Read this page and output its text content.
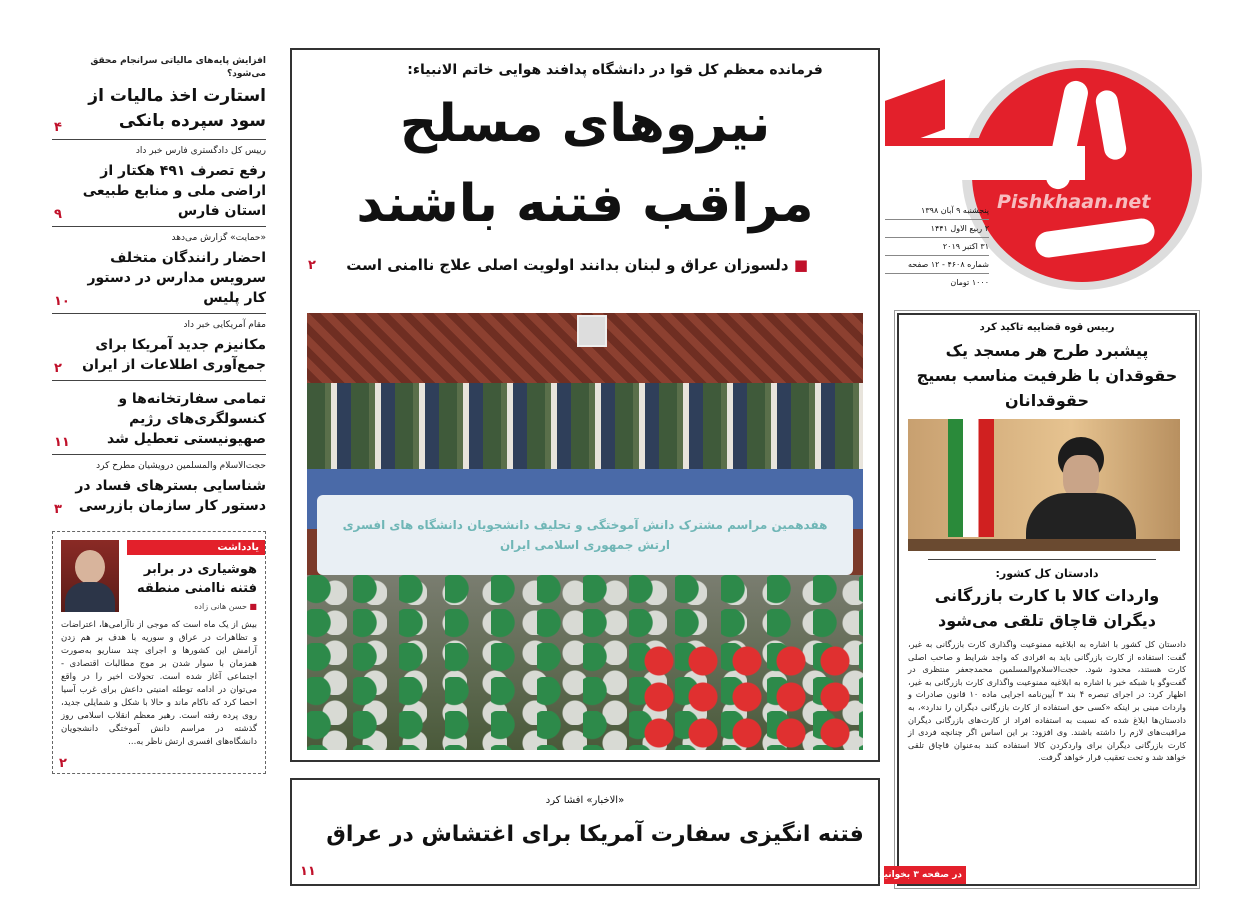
افزایش پایه‌های مالیاتی سرانجام محقق می‌شود؟
استارت اخذ مالیات از سود سپرده بانکی
۴
رییس کل دادگستری فارس خبر داد
رفع تصرف ۴۹۱ هکتار از اراضی ملی و منابع طبیعی استان فارس
۹
«حمایت» گزارش می‌دهد
احضار رانندگان متخلف سرویس مدارس در دستور کار پلیس
۱۰
مقام آمریکایی خبر داد
مکانیزم جدید آمریکا برای جمع‌آوری اطلاعات از ایران
۲
تمامی سفارتخانه‌ها و کنسولگری‌های رژیم صهیونیستی تعطیل شد
۱۱
حجت‌الاسلام والمسلمین درویشیان مطرح کرد
شناسایی بسترهای فساد در دستور کار سازمان بازرسی
۳
یادداشت
هوشیاری در برابر فتنه ناامنی منطقه
■ حسن هانی زاده
بیش از یک ماه است که موجی از ناآرامی‌ها، اعتراضات و تظاهرات در عراق و سوریه با هدف بر هم زدن آرامش این کشورها و اجرای چند سناریو به‌صورت همزمان با سوار شدن بر موج مطالبات اقتصادی - اجتماعی آغاز شده است. تحولات اخیر را در واقع می‌توان در ادامه توطئه امنیتی داعش برای غرب آسیا احصا کرد که ناکام ماند و حالا با شکل و شمایلی جدید، روی پرده رفته است. رهبر معظم انقلاب اسلامی روز گذشته در مراسم دانش آموختگی دانشجویان دانشگاه‌های افسری ارتش ناظر به...
۲
فرمانده معظم کل قوا در دانشگاه پدافند هوایی خاتم الانبیاء:
نیروهای مسلح
مراقب فتنه باشند
■ دلسوزان عراق و لبنان بدانند اولویت اصلی علاج ناامنی است
۲
هفدهمین مراسم مشترک دانش آموختگی و تحلیف دانشجویان دانشگاه های افسری
ارتش جمهوری اسلامی ایران
«الاخبار» افشا کرد
فتنه انگیزی سفارت آمریکا برای اغتشاش در عراق
۱۱
Pishkhaan.net
پنجشنبه ۹ آبان ۱۳۹۸
۲ ربیع الاول ۱۴۴۱
۳۱ اکتبر ۲۰۱۹
شماره ۴۶۰۸ - ۱۲ صفحه
۱۰۰۰ تومان
رییس قوه قضاییه تاکید کرد
پیشبرد طرح هر مسجد یک حقوقدان با ظرفیت مناسب بسیج حقوقدانان
دادستان کل کشور:
واردات کالا با کارت بازرگانی دیگران قاچاق تلقی می‌شود
دادستان کل کشور با اشاره به ابلاغیه ممنوعیت واگذاری کارت بازرگانی به غیر، گفت: استفاده از کارت بازرگانی باید به افرادی که واجد شرایط و صاحب اصلی کارت هستند، محدود شود. حجت‌الاسلام‌والمسلمین محمدجعفر منتظری در گفت‌وگو با شبکه خبر با اشاره به ابلاغیه ممنوعیت واگذاری کارت بازرگانی به غیر، اظهار کرد: در اجرای تبصره ۴ بند ۳ آیین‌نامه اجرایی ماده ۱۰ قانون صادرات و واردات مبنی بر اینکه «کسی حق استفاده از کارت بازرگانی دیگران را ندارد»، به دادستان‌ها ابلاغ شده که نسبت به استفاده افراد از کارت‌های بازرگانی دیگران مراقبت‌های لازم را داشته باشند. وی افزود: بر این اساس اگر چنانچه فردی از کارت بازرگانی دیگران برای واردکردن کالا استفاده کنند به‌عنوان قاچاق تلقی خواهد شد و تحت تعقیب قرار خواهد گرفت.
در صفحه ۳ بخوانید
